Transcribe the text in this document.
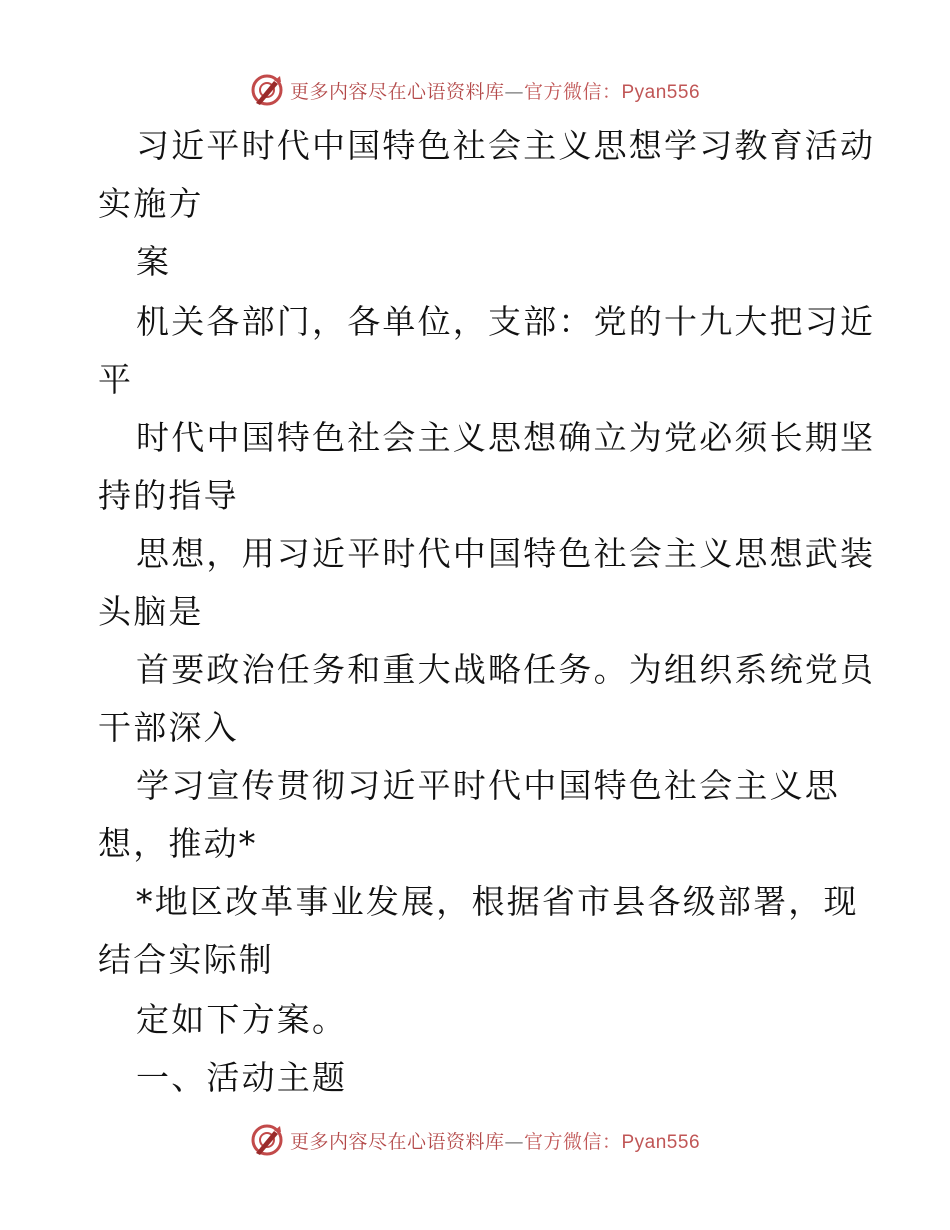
更多内容尽在心语资料库—官方微信：Pyan556
习近平时代中国特色社会主义思想学习教育活动
实施方
案
机关各部门，各单位，支部：党的十九大把习近
平
时代中国特色社会主义思想确立为党必须长期坚
持的指导
思想，用习近平时代中国特色社会主义思想武装
头脑是
首要政治任务和重大战略任务。为组织系统党员
干部深入
学习宣传贯彻习近平时代中国特色社会主义思
想，推动*
*地区改革事业发展，根据省市县各级部署，现
结合实际制
定如下方案。
一、活动主题
更多内容尽在心语资料库—官方微信：Pyan556
